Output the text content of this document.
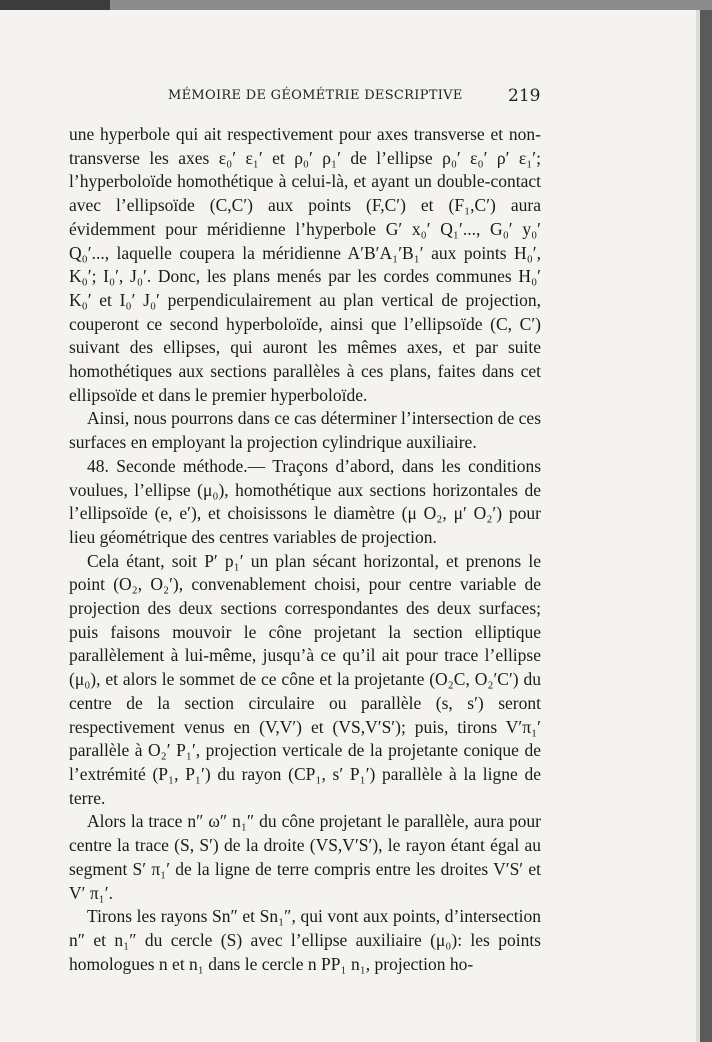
MÉMOIRE DE GÉOMÉTRIE DESCRIPTIVE	219

une hyperbole qui ait respectivement pour axes transverse et non-transverse les axes ε₀′ ε₁′ et ρ₀′ ρ₁′ de l’ellipse ρ₀′ ε₀′ ρ′ ε₁′; l’hyperboloïde homothétique à celui-là, et ayant un double-contact avec l’ellipsoïde (C,C′) aux points (F,C′) et (F₁,C′) aura évidemment pour méridienne l’hyperbole G′ x₀′ Q₁′..., G₀′ y₀′ Q₀′..., laquelle coupera la méridienne A′B′A₁′B₁′ aux points H₀′, K₀′; I₀′, J₀′. Donc, les plans menés par les cordes communes H₀′ K₀′ et I₀′ J₀′ perpendiculairement au plan vertical de projection, couperont ce second hyperboloïde, ainsi que l’ellipsoïde (C, C′) suivant des ellipses, qui auront les mêmes axes, et par suite homothétiques aux sections parallèles à ces plans, faites dans cet ellipsoïde et dans le premier hyperboloïde.

Ainsi, nous pourrons dans ce cas déterminer l’intersection de ces surfaces en employant la projection cylindrique auxiliaire.

48. Seconde méthode.— Traçons d’abord, dans les conditions voulues, l’ellipse (μ₀), homothétique aux sections horizontales de l’ellipsoïde (e, e′), et choisissons le diamètre (μ O₂, μ′ O₂′) pour lieu géométrique des centres variables de projection.

Cela étant, soit P′ p₁′ un plan sécant horizontal, et prenons le point (O₂, O₂′), convenablement choisi, pour centre variable de projection des deux sections correspondantes des deux surfaces; puis faisons mouvoir le cône projetant la section elliptique parallèlement à lui-même, jusqu’à ce qu’il ait pour trace l’ellipse (μ₀), et alors le sommet de ce cône et la projetante (O₂C, O₂′C′) du centre de la section circulaire ou parallèle (s, s′) seront respectivement venus en (V,V′) et (VS,V′S′); puis, tirons V′π₁′ parallèle à O₂′ P₁′, projection verticale de la projetante conique de l’extrémité (P₁, P₁′) du rayon (CP₁, s′ P₁′) parallèle à la ligne de terre.

Alors la trace n″ ω″ n₁″ du cône projetant le parallèle, aura pour centre la trace (S, S′) de la droite (VS,V′S′), le rayon étant égal au segment S′ π₁′ de la ligne de terre compris entre les droites V′S′ et V′ π₁′.

Tirons les rayons Sn″ et Sn₁″, qui vont aux points, d’intersection n″ et n₁″ du cercle (S) avec l’ellipse auxiliaire (μ₀): les points homologues n et n₁ dans le cercle n PP₁ n₁, projection ho-
